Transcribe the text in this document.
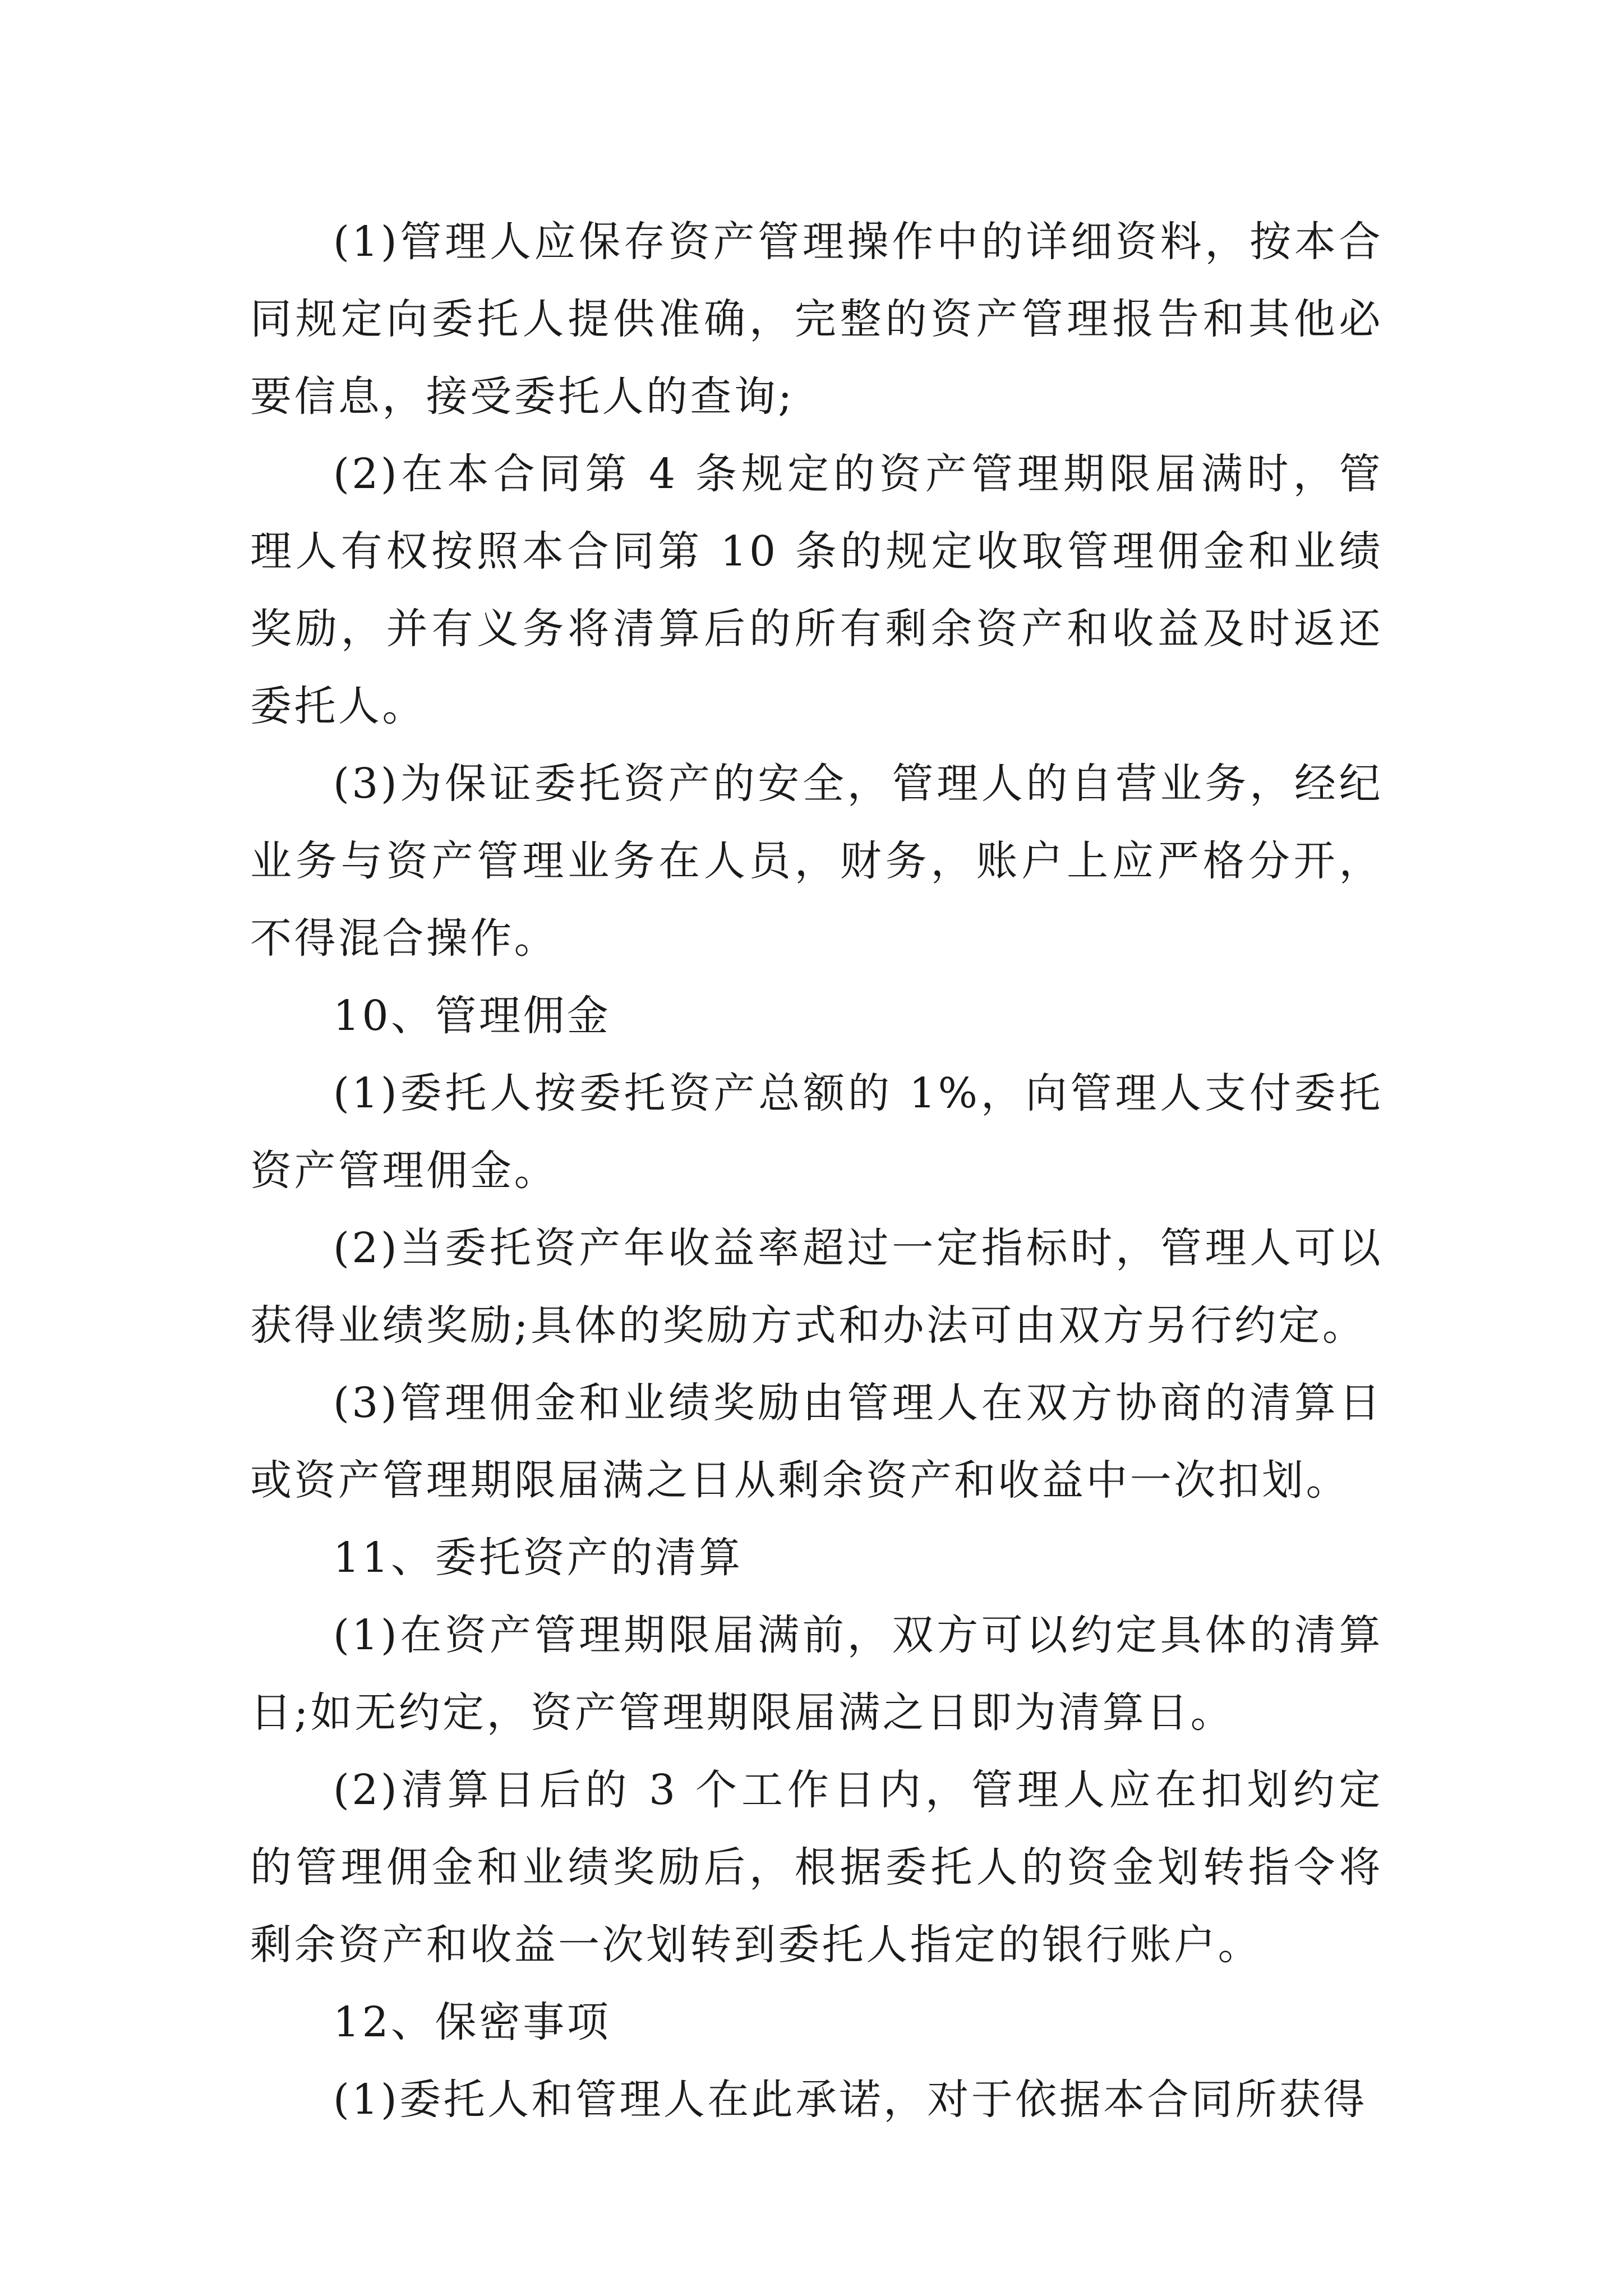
(1)管理人应保存资产管理操作中的详细资料，按本合同规定向委托人提供准确，完整的资产管理报告和其他必要信息，接受委托人的查询;

(2)在本合同第 4 条规定的资产管理期限届满时，管理人有权按照本合同第 10 条的规定收取管理佣金和业绩奖励，并有义务将清算后的所有剩余资产和收益及时返还委托人。

(3)为保证委托资产的安全，管理人的自营业务，经纪业务与资产管理业务在人员，财务，账户上应严格分开，不得混合操作。

10、管理佣金

(1)委托人按委托资产总额的 1%，向管理人支付委托资产管理佣金。

(2)当委托资产年收益率超过一定指标时，管理人可以获得业绩奖励;具体的奖励方式和办法可由双方另行约定。

(3)管理佣金和业绩奖励由管理人在双方协商的清算日或资产管理期限届满之日从剩余资产和收益中一次扣划。

11、委托资产的清算

(1)在资产管理期限届满前，双方可以约定具体的清算日;如无约定，资产管理期限届满之日即为清算日。

(2)清算日后的 3 个工作日内，管理人应在扣划约定的管理佣金和业绩奖励后，根据委托人的资金划转指令将剩余资产和收益一次划转到委托人指定的银行账户。

12、保密事项

(1)委托人和管理人在此承诺，对于依据本合同所获得
